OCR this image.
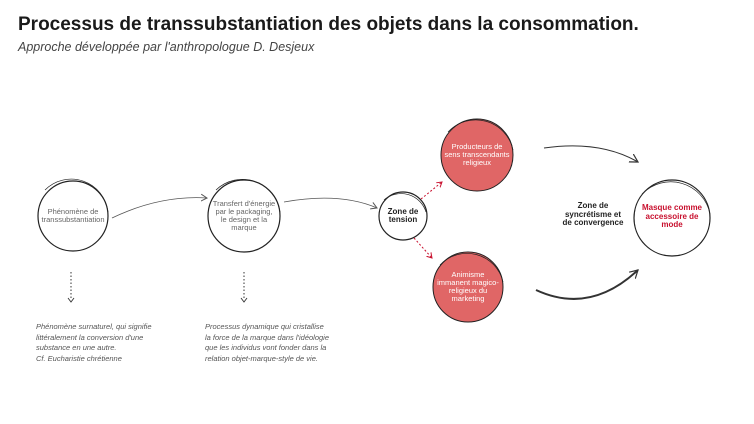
Processus de transsubstantiation des objets dans la consommation.

Approche développée par l'anthropologue D. Desjeux

Phénomène de transsubstantiation
Transfert d'énergie par le packaging, le design et la marque
Zone de tension
Producteurs de sens transcendants religieux
Animisme immanent magico-religieux du marketing
Zone de syncrétisme et de convergence
Masque comme accessoire de mode

Phénomène surnaturel, qui signifie

littéralement la conversion d'une

substance en une autre.

Cf. Eucharistie chrétienne

Processus dynamique qui cristallise

la force de la marque dans l'idéologie

que les individus vont fonder dans la

relation objet-marque-style de vie.
